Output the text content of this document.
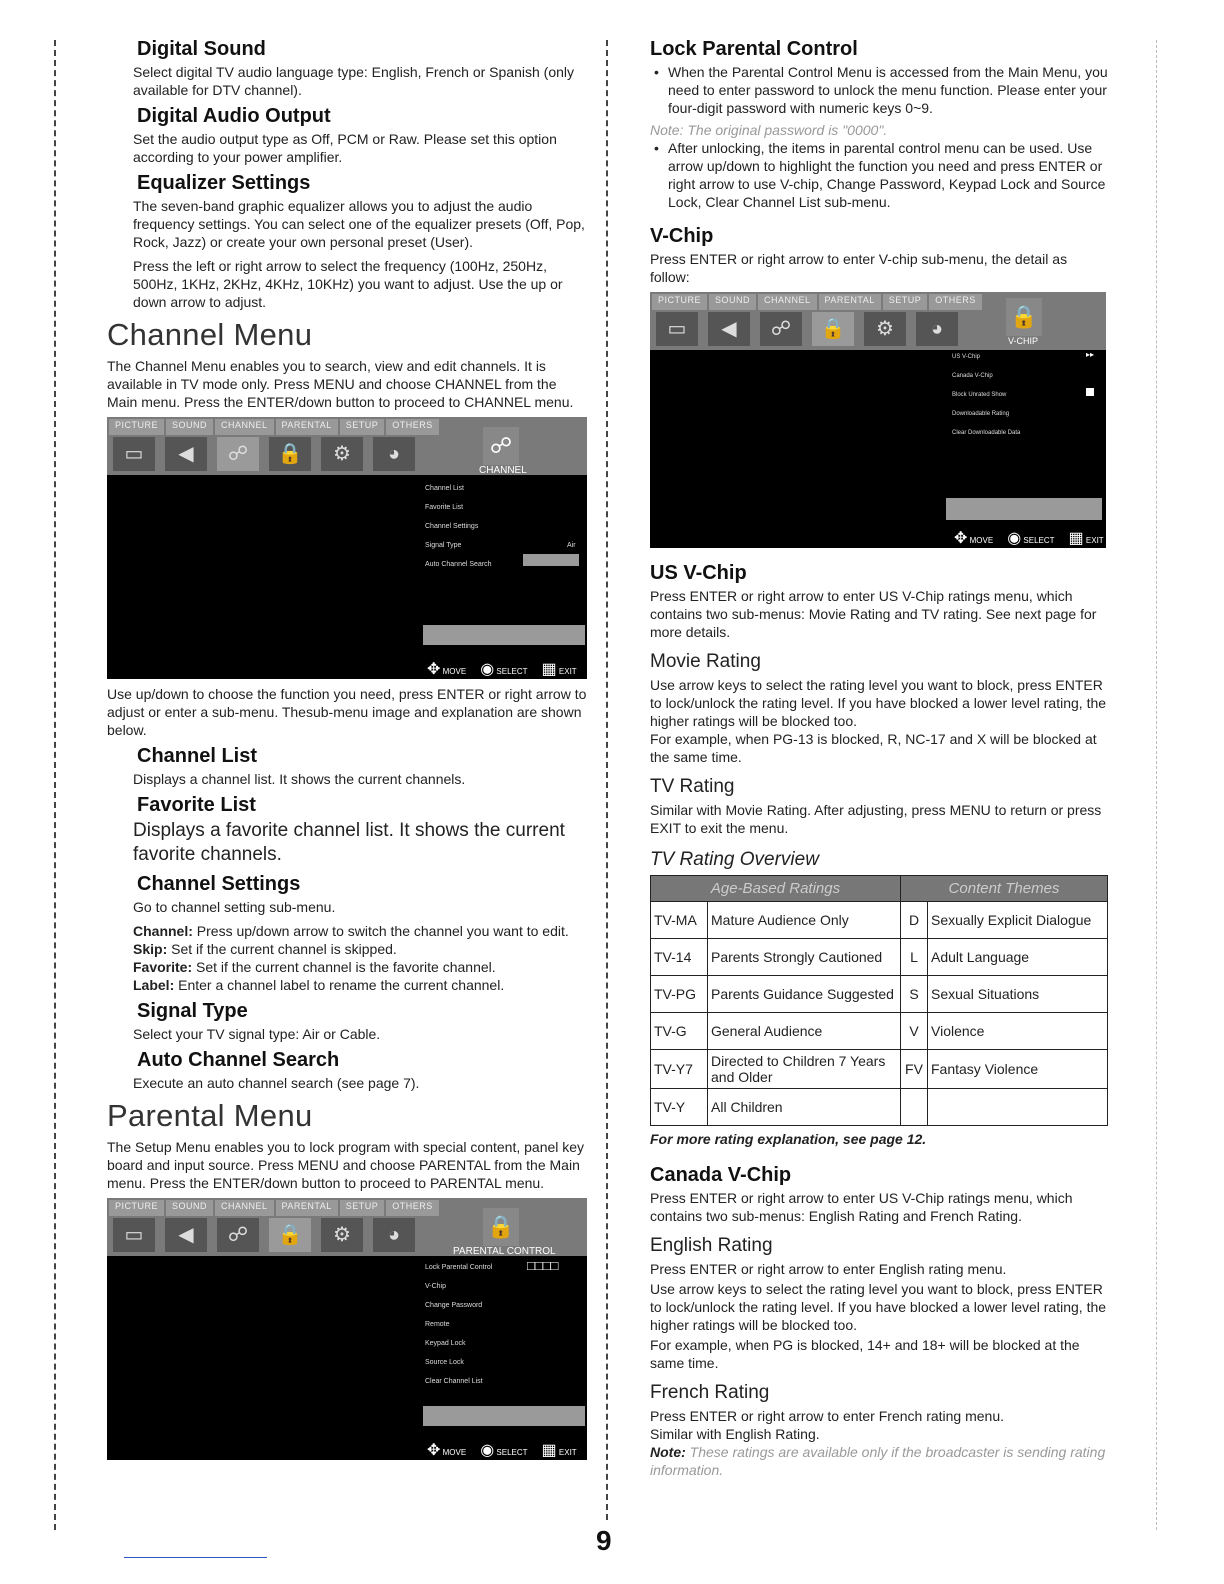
Digital Sound

Select digital TV audio language type: English, French or Spanish (only available for DTV channel).

Digital Audio Output

Set the audio output type as Off, PCM or Raw. Please set this option according to your power amplifier.

Equalizer Settings

The seven-band graphic equalizer allows you to adjust the audio frequency settings. You can select one of the equalizer presets (Off, Pop, Rock, Jazz) or create your own personal preset (User).

Press the left or right arrow to select the frequency (100Hz, 250Hz, 500Hz, 1KHz, 2KHz, 4KHz, 10KHz) you want to adjust. Use the up or down arrow to adjust.

Channel Menu

The Channel Menu enables you to search, view and edit channels. It is available in TV mode only. Press MENU and choose CHANNEL from the Main menu. Press the ENTER/down button to proceed to CHANNEL menu.

PICTURE	SOUND	CHANNEL	PARENTAL	SETUP	OTHERS
▭	◀	☍	🔒	⚙	◕	☍
CHANNEL
Channel List
Favorite List
Channel Settings
Signal Type
Auto Channel Search
Air
✥ MOVE ◉ SELECT ▦ EXIT

Use up/down to choose the function you need, press ENTER or right arrow to adjust or enter a sub-menu. Thesub-menu image and explanation are shown below.

Channel List

Displays a channel list. It shows the current channels.

Favorite List

Displays a favorite channel list. It shows the current favorite channels.

Channel Settings

Go to channel setting sub-menu.

Channel: Press up/down arrow to switch the channel you want to edit.
Skip: Set if the current channel is skipped.
Favorite: Set if the current channel is the favorite channel.
Label: Enter a channel label to rename the current channel.

Signal Type

Select your TV signal type: Air or Cable.

Auto Channel Search

Execute an auto channel search (see page 7).

Parental Menu

The Setup Menu enables you to lock program with special content, panel key board and input source. Press MENU and choose PARENTAL from the Main menu. Press the ENTER/down button to proceed to PARENTAL menu.

PICTURE	SOUND	CHANNEL	PARENTAL	SETUP	OTHERS
▭	◀	☍	🔒	⚙	◕	🔒
PARENTAL CONTROL
Lock Parental Control
V-Chip
Change Password
Remote
Keypad Lock
Source Lock
Clear Channel List
□□□□
✥ MOVE ◉ SELECT ▦ EXIT
Lock Parental Control
• When the Parental Control Menu is accessed from the Main Menu, you need to enter password to unlock the menu function. Please enter your four-digit password with numeric keys 0~9.

Note: The original password is "0000".

• After unlocking, the items in parental control menu can be used. Use arrow up/down to highlight the function you need and press ENTER or right arrow to use V-chip, Change Password, Keypad Lock and Source Lock, Clear Channel List sub-menu.
V-Chip

Press ENTER or right arrow to enter V-chip sub-menu, the detail as follow:

PICTURE	SOUND	CHANNEL	PARENTAL	SETUP	OTHERS
▭	◀	☍	🔒	⚙	◕	🔒
V-CHIP
US V-Chip
Canada V-Chip
Block Unrated Show
Downloadable Rating
Clear Downloadable Data
▸▸
✥ MOVE ◉ SELECT ▦ EXIT
US V-Chip

Press ENTER or right arrow to enter US V-Chip ratings menu, which contains two sub-menus: Movie Rating and TV rating. See next page for more details.

Movie Rating

Use arrow keys to select the rating level you want to block, press ENTER to lock/unlock the rating level. If you have blocked a lower level rating, the higher ratings will be blocked too.

For example, when PG-13 is blocked, R, NC-17 and X will be blocked at the same time.

TV Rating

Similar with Movie Rating. After adjusting, press MENU to return or press EXIT to exit the menu.

TV Rating Overview
Age-Based Ratings		Content Themes	
TV-MA	Mature Audience Only	D	Sexually Explicit Dialogue
TV-14	Parents Strongly Cautioned	L	Adult Language
TV-PG	Parents Guidance Suggested	S	Sexual Situations
TV-G	General Audience	V	Violence
TV-Y7	Directed to Children 7 Years and Older	FV	Fantasy Violence
TV-Y	All Children		

For more rating explanation, see page 12.

Canada V-Chip

Press ENTER or right arrow to enter US V-Chip ratings menu, which contains two sub-menus: English Rating and French Rating.

English Rating

Press ENTER or right arrow to enter English rating menu.

Use arrow keys to select the rating level you want to block, press ENTER to lock/unlock the rating level. If you have blocked a lower level rating, the higher ratings will be blocked too.

For example, when PG is blocked, 14+ and 18+ will be blocked at the same time.

French Rating

Press ENTER or right arrow to enter French rating menu.

Similar with English Rating.

Note: These ratings are available only if the broadcaster is sending rating information.

9
